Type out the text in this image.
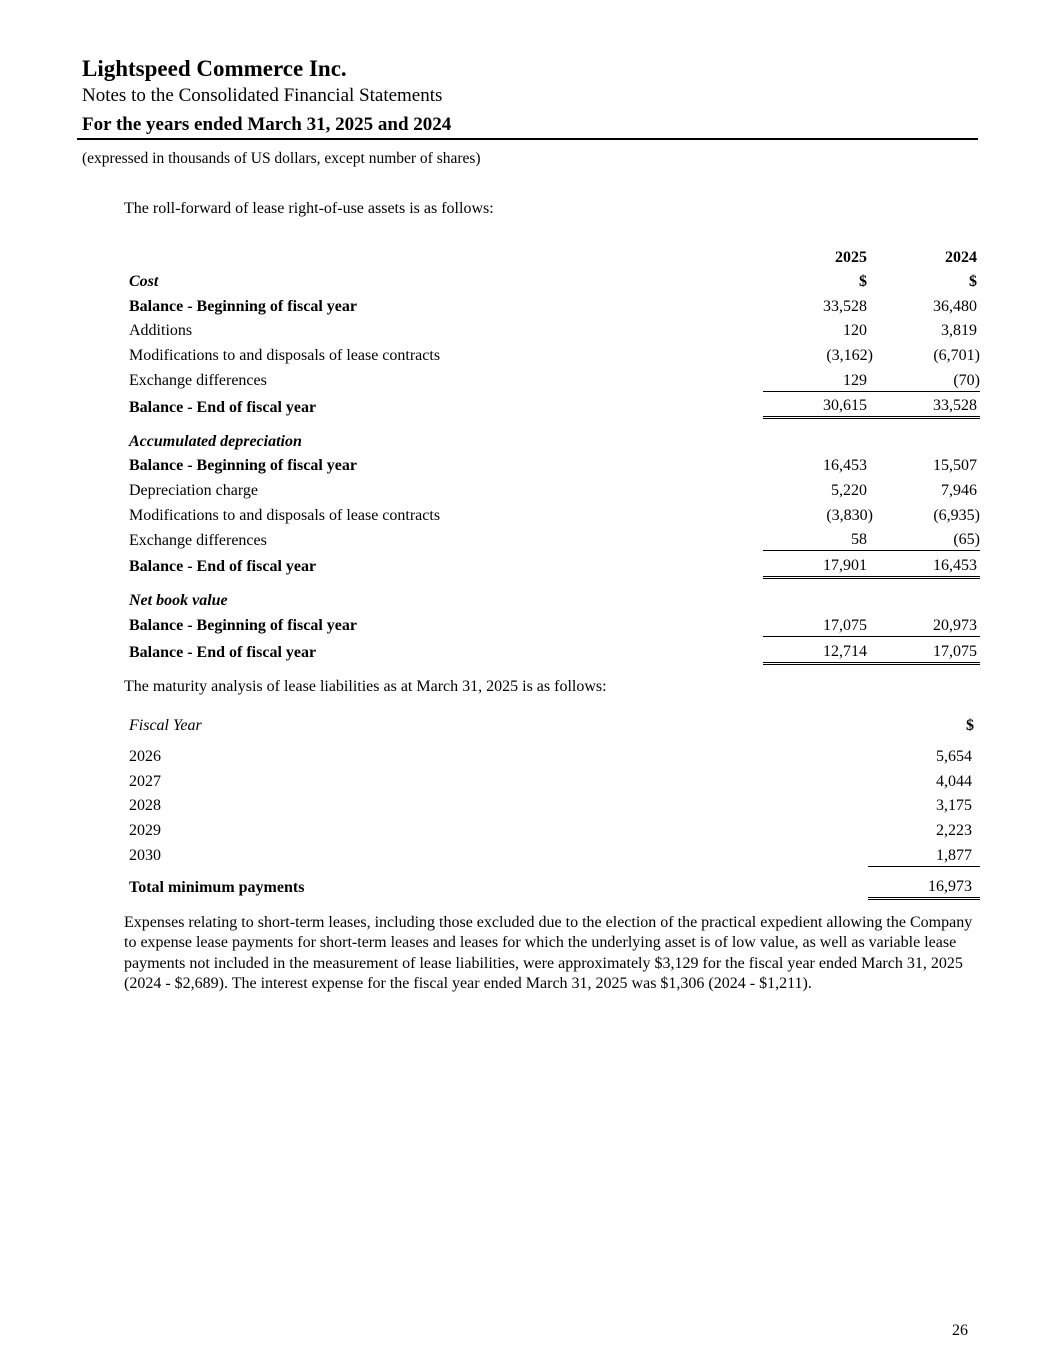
Lightspeed Commerce Inc.
Notes to the Consolidated Financial Statements
For the years ended March 31, 2025 and 2024
(expressed in thousands of US dollars, except number of shares)
The roll-forward of lease right-of-use assets is as follows:
	2025	2024
Cost	$	$
Balance - Beginning of fiscal year	33,528	36,480
Additions	120	3,819
Modifications to and disposals of lease contracts	(3,162)	(6,701)
Exchange differences	129	(70)
Balance - End of fiscal year	30,615	33,528

Accumulated depreciation		
Balance - Beginning of fiscal year	16,453	15,507
Depreciation charge	5,220	7,946
Modifications to and disposals of lease contracts	(3,830)	(6,935)
Exchange differences	58	(65)
Balance - End of fiscal year	17,901	16,453

Net book value		
Balance - Beginning of fiscal year	17,075	20,973
Balance - End of fiscal year	12,714	17,075
The maturity analysis of lease liabilities as at March 31, 2025 is as follows:
Fiscal Year	$

2026	5,654
2027	4,044
2028	3,175
2029	2,223
2030	1,877
Total minimum payments	16,973
Expenses relating to short-term leases, including those excluded due to the election of the practical expedient allowing the Company to expense lease payments for short-term leases and leases for which the underlying asset is of low value, as well as variable lease payments not included in the measurement of lease liabilities, were approximately $3,129 for the fiscal year ended March 31, 2025 (2024 - $2,689). The interest expense for the fiscal year ended March 31, 2025 was $1,306 (2024 - $1,211).
26
